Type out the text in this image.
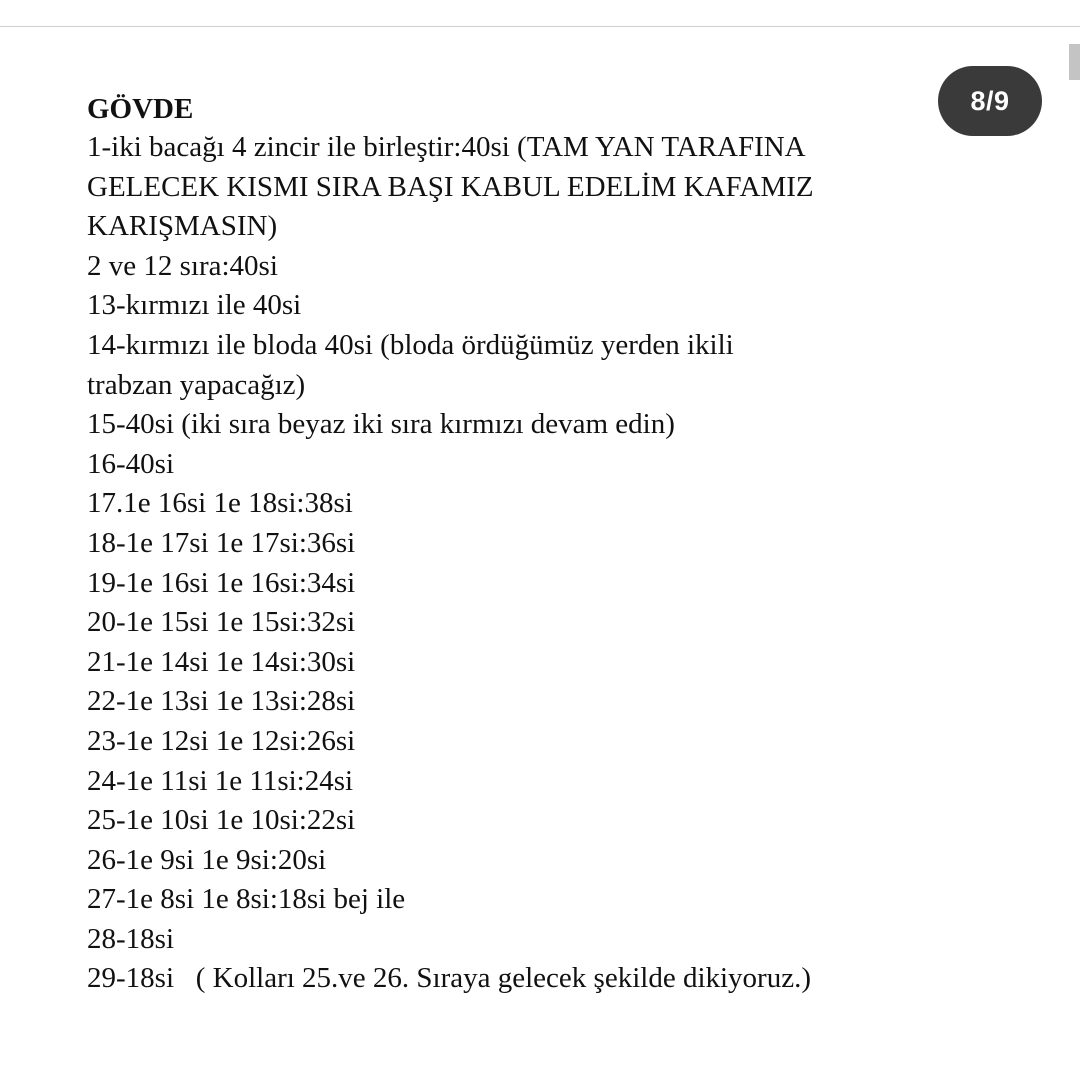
8/9
GÖVDE
1-iki bacağı 4 zincir ile birleştir:40si (TAM YAN TARAFINA
GELECEK KISMI SIRA BAŞI KABUL EDELİM KAFAMIZ
KARIŞMASIN)
2 ve 12 sıra:40si
13-kırmızı ile 40si
14-kırmızı ile bloda 40si (bloda ördüğümüz yerden ikili
trabzan yapacağız)
15-40si (iki sıra beyaz iki sıra kırmızı devam edin)
16-40si
17.1e 16si 1e 18si:38si
18-1e 17si 1e 17si:36si
19-1e 16si 1e 16si:34si
20-1e 15si 1e 15si:32si
21-1e 14si 1e 14si:30si
22-1e 13si 1e 13si:28si
23-1e 12si 1e 12si:26si
24-1e 11si 1e 11si:24si
25-1e 10si 1e 10si:22si
26-1e 9si 1e 9si:20si
27-1e 8si 1e 8si:18si bej ile
28-18si
29-18si   ( Kolları 25.ve 26. Sıraya gelecek şekilde dikiyoruz.)
